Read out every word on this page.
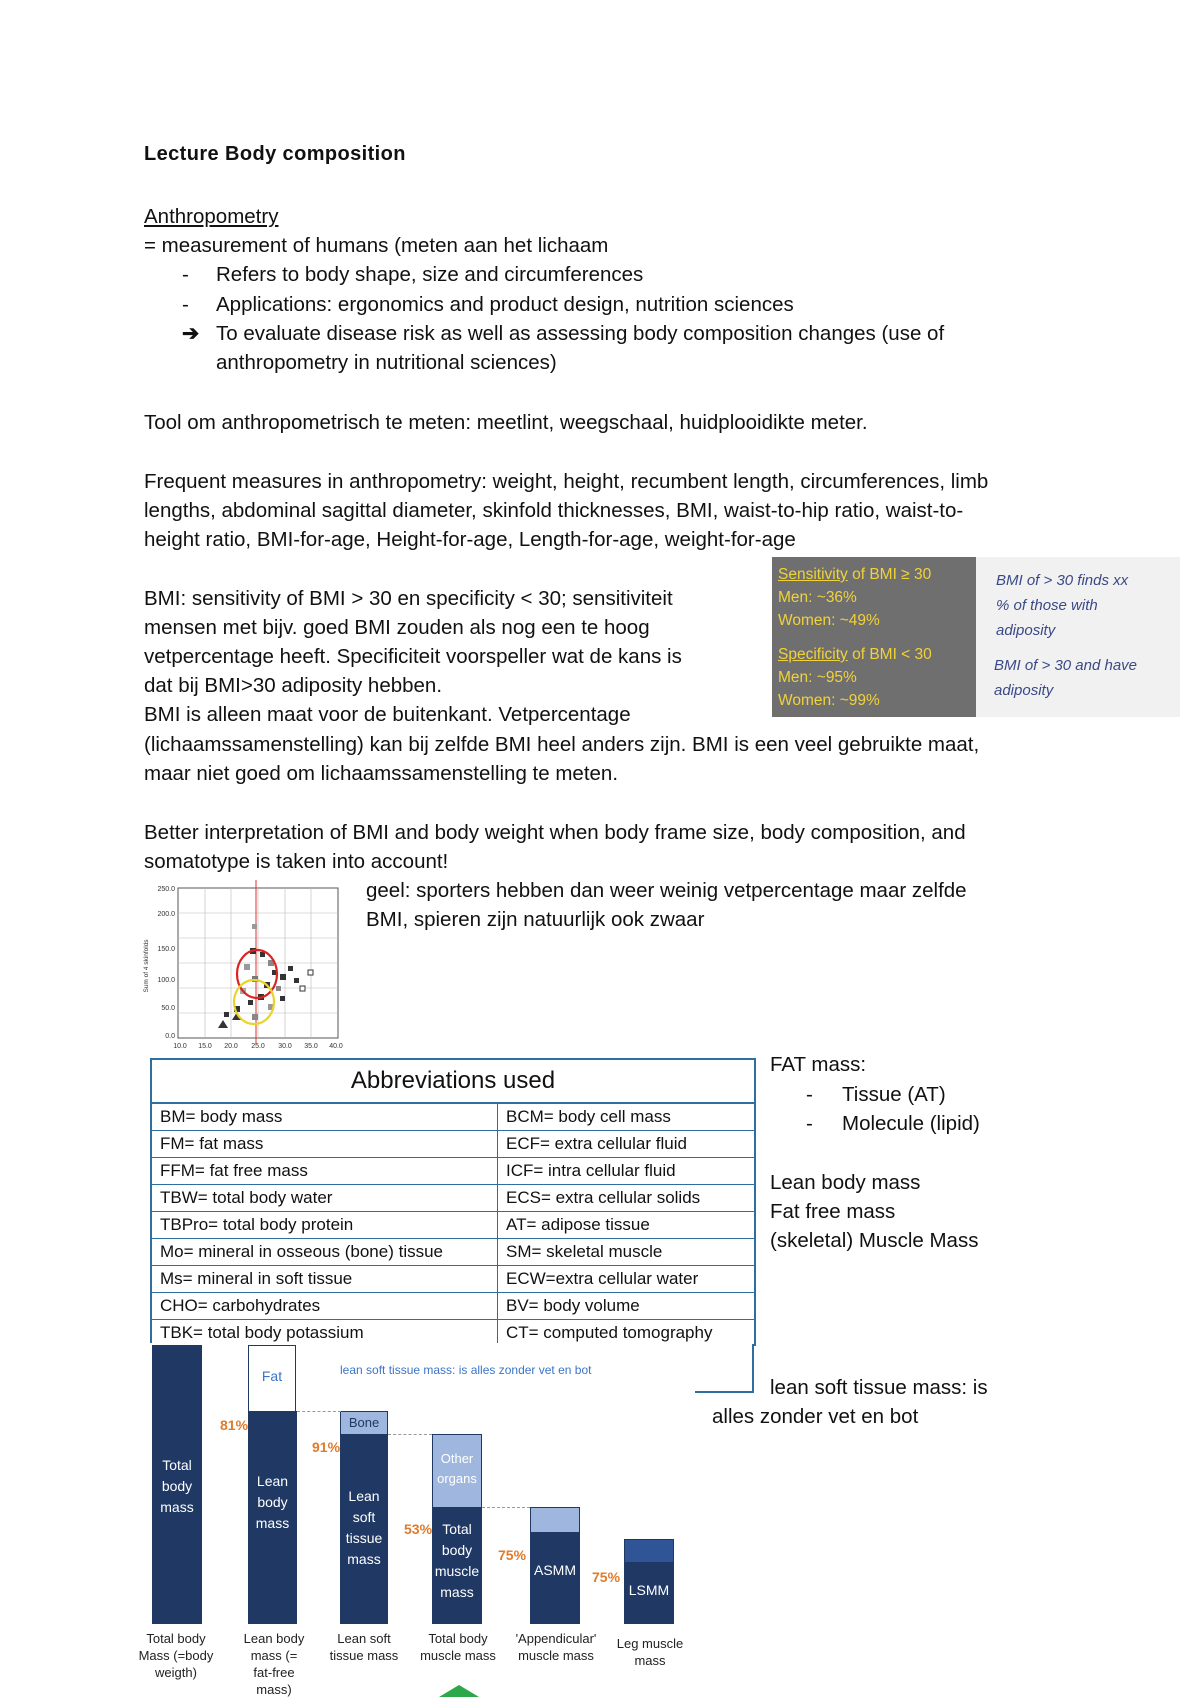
Lecture Body composition
Anthropometry
= measurement of humans (meten aan het lichaam
- Refers to body shape, size and circumferences
- Applications: ergonomics and product design, nutrition sciences
➔ To evaluate disease risk as well as assessing body composition changes (use of
anthropometry in nutritional sciences)
Tool om anthropometrisch te meten: meetlint, weegschaal, huidplooidikte meter.
Frequent measures in anthropometry: weight, height, recumbent length, circumferences, limb
lengths, abdominal sagittal diameter, skinfold thicknesses, BMI, waist-to-hip ratio, waist-to-
height ratio, BMI-for-age, Height-for-age, Length-for-age, weight-for-age
BMI: sensitivity of BMI > 30 en specificity < 30; sensitiviteit
mensen met bijv. goed BMI zouden als nog een te hoog
vetpercentage heeft. Specificiteit voorspeller wat de kans is
dat bij BMI>30 adiposity hebben.
BMI is alleen maat voor de buitenkant. Vetpercentage
(lichaamssamenstelling) kan bij zelfde BMI heel anders zijn. BMI is een veel gebruikte maat,
maar niet goed om lichaamssamenstelling te meten.
Sensitivity of BMI ≥ 30
Men: ~36%
Women: ~49%
Specificity of BMI < 30
Men: ~95%
Women: ~99%
BMI of > 30 finds xx
% of those with
adiposity
BMI of > 30 and have
adiposity
Better interpretation of BMI and body weight when body frame size, body composition, and
somatotype is taken into account!
250.0
200.0
150.0
100.0
50.0
0.0
10.0 15.0 20.0 25.0 30.0 35.0 40.0
Sum of 4 skinfolds
geel: sporters hebben dan weer weinig vetpercentage maar zelfde
BMI, spieren zijn natuurlijk ook zwaar
Abbreviations used
BM= body mass	BCM= body cell mass
FM= fat mass	ECF= extra cellular fluid
FFM= fat free mass	ICF= intra cellular fluid
TBW= total body water	ECS= extra cellular solids
TBPro= total body protein	AT= adipose tissue
Mo= mineral in osseous (bone) tissue	SM= skeletal muscle
Ms= mineral in soft tissue	ECW=extra cellular water
CHO= carbohydrates	BV= body volume
TBK= total body potassium	CT= computed tomography
FAT mass:
- Tissue (AT)
- Molecule (lipid)
Lean body mass
Fat free mass
(skeletal) Muscle Mass
lean soft tissue mass: is
alles zonder vet en bot
lean soft tissue mass: is alles zonder vet en bot
Total
body
mass
Fat
Lean
body
mass
Bone
Lean
soft
tissue
mass
Other
organs
Total
body
muscle
mass
ASMM
LSMM
81%
91%
53%
75%
75%
Total body
Mass (=body
weigth)
Lean body
mass (=
fat-free
mass)
Lean soft
tissue mass
Total body
muscle mass
'Appendicular'
muscle mass
Leg muscle
mass
